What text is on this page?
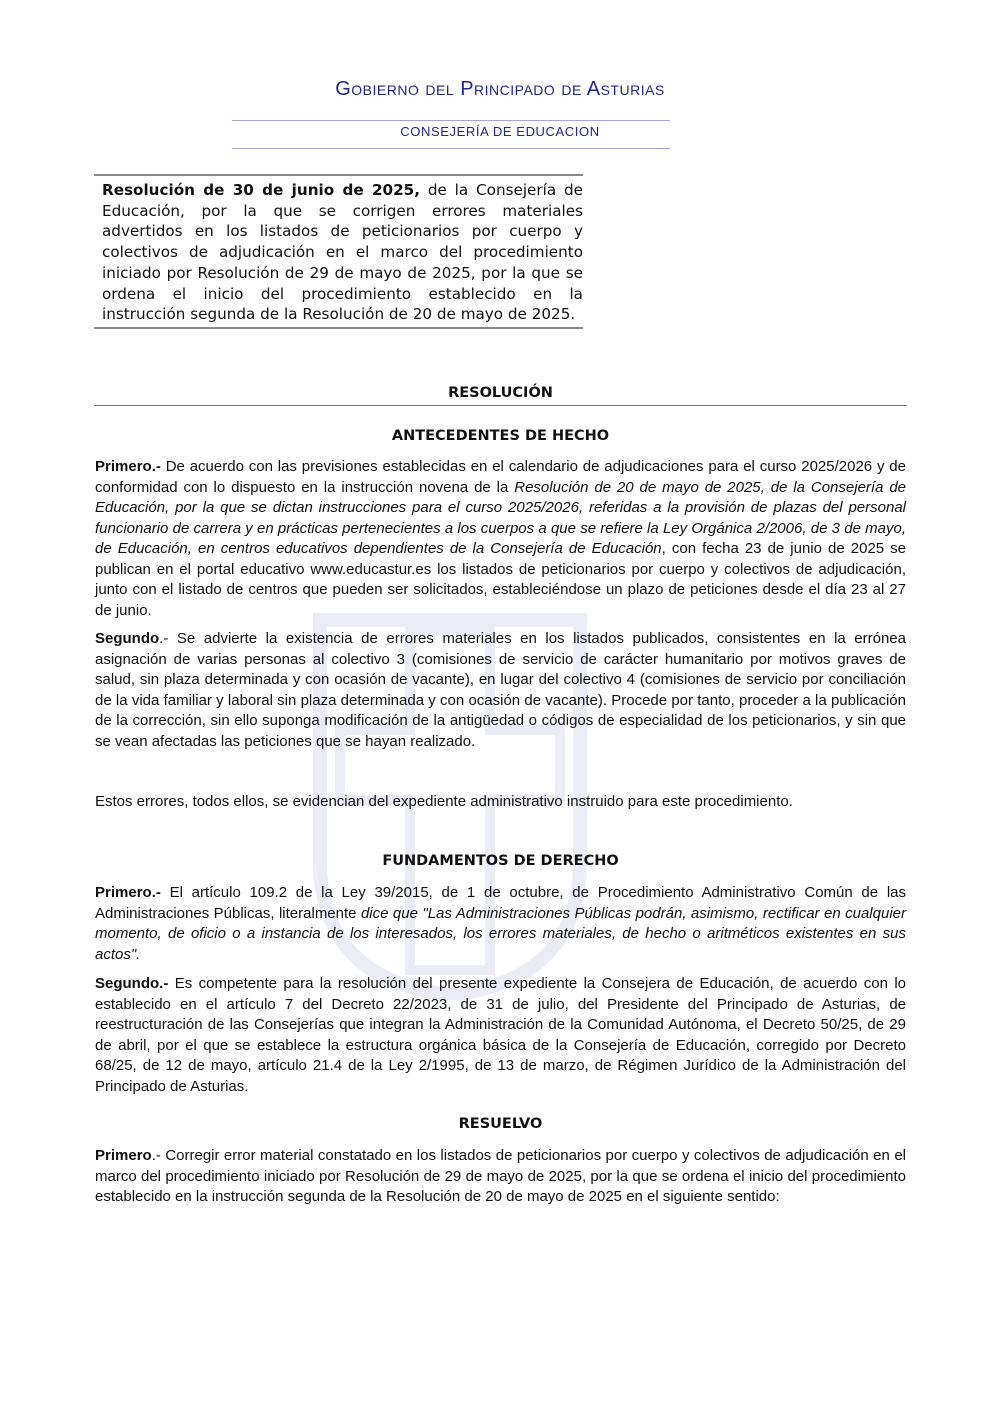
Gobierno del Principado de Asturias
CONSEJERÍA DE EDUCACION
Resolución de 30 de junio de 2025, de la Consejería de Educación, por la que se corrigen errores materiales advertidos en los listados de peticionarios por cuerpo y colectivos de adjudicación en el marco del procedimiento iniciado por Resolución de 29 de mayo de 2025, por la que se ordena el inicio del procedimiento establecido en la instrucción segunda de la Resolución de 20 de mayo de 2025.
RESOLUCIÓN
ANTECEDENTES DE HECHO
Primero.- De acuerdo con las previsiones establecidas en el calendario de adjudicaciones para el curso 2025/2026 y de conformidad con lo dispuesto en la instrucción novena de la Resolución de 20 de mayo de 2025, de la Consejería de Educación, por la que se dictan instrucciones para el curso 2025/2026, referidas a la provisión de plazas del personal funcionario de carrera y en prácticas pertenecientes a los cuerpos a que se refiere la Ley Orgánica 2/2006, de 3 de mayo, de Educación, en centros educativos dependientes de la Consejería de Educación, con fecha 23 de junio de 2025 se publican en el portal educativo www.educastur.es los listados de peticionarios por cuerpo y colectivos de adjudicación, junto con el listado de centros que pueden ser solicitados, estableciéndose un plazo de peticiones desde el día 23 al 27 de junio.
Segundo.- Se advierte la existencia de errores materiales en los listados publicados, consistentes en la errónea asignación de varias personas al colectivo 3 (comisiones de servicio de carácter humanitario por motivos graves de salud, sin plaza determinada y con ocasión de vacante), en lugar del colectivo 4 (comisiones de servicio por conciliación de la vida familiar y laboral sin plaza determinada y con ocasión de vacante). Procede por tanto, proceder a la publicación de la corrección, sin ello suponga modificación de la antigüedad o códigos de especialidad de los peticionarios, y sin que se vean afectadas las peticiones que se hayan realizado.
Estos errores, todos ellos, se evidencian del expediente administrativo instruido para este procedimiento.
FUNDAMENTOS DE DERECHO
Primero.- El artículo 109.2 de la Ley 39/2015, de 1 de octubre, de Procedimiento Administrativo Común de las Administraciones Públicas, literalmente dice que "Las Administraciones Públicas podrán, asimismo, rectificar en cualquier momento, de oficio o a instancia de los interesados, los errores materiales, de hecho o aritméticos existentes en sus actos".
Segundo.- Es competente para la resolución del presente expediente la Consejera de Educación, de acuerdo con lo establecido en el artículo 7 del Decreto 22/2023, de 31 de julio, del Presidente del Principado de Asturias, de reestructuración de las Consejerías que integran la Administración de la Comunidad Autónoma, el Decreto 50/25, de 29 de abril, por el que se establece la estructura orgánica básica de la Consejería de Educación, corregido por Decreto 68/25, de 12 de mayo, artículo 21.4 de la Ley 2/1995, de 13 de marzo, de Régimen Jurídico de la Administración del Principado de Asturias.
RESUELVO
Primero.- Corregir error material constatado en los listados de peticionarios por cuerpo y colectivos de adjudicación en el marco del procedimiento iniciado por Resolución de 29 de mayo de 2025, por la que se ordena el inicio del procedimiento establecido en la instrucción segunda de la Resolución de 20 de mayo de 2025 en el siguiente sentido:
